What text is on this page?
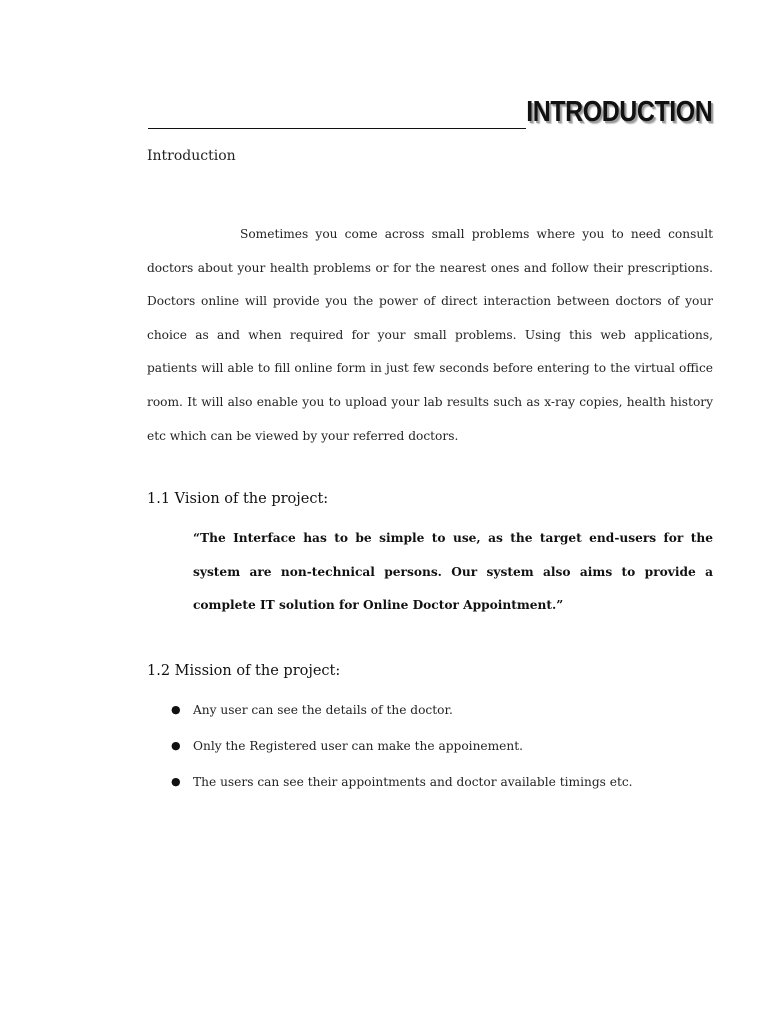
INTRODUCTION

Introduction

Sometimes you come across small problems where you to need consult doctors about your health problems or for the nearest ones and follow their prescriptions. Doctors online will provide you the power of direct interaction between doctors of your choice as and when required for your small problems. Using this web applications, patients will able to fill online form in just few seconds before entering to the virtual office room. It will also enable you to upload your lab results such as x-ray copies, health history etc which can be viewed by your referred doctors.

1.1 Vision of the project:

“The Interface has to be simple to use, as the target end-users for the system are non-technical persons. Our system also aims to provide a complete IT solution for Online Doctor Appointment.”

1.2 Mission of the project:
● Any user can see the details of the doctor.
● Only the Registered user can make the appoinement.
● The users can see their appointments and doctor available timings etc.
